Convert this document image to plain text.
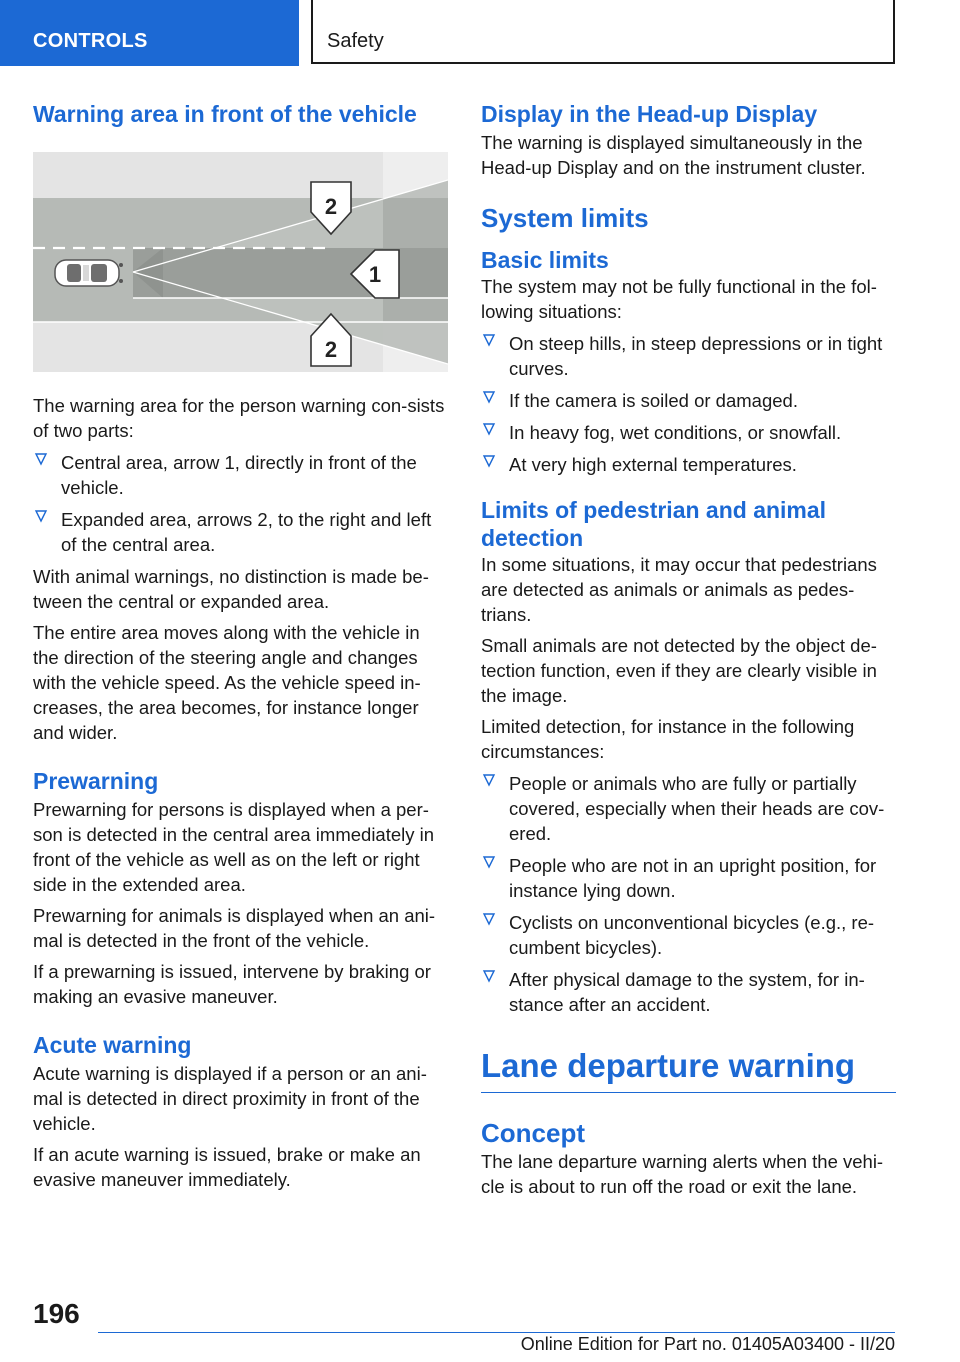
CONTROLS	Safety
Warning area in front of the vehicle
2
1
2

The warning area for the person warning con-sists of two parts:

Central area, arrow 1, directly in front of the vehicle.
Expanded area, arrows 2, to the right and left of the central area.

With animal warnings, no distinction is made be-tween the central or expanded area.

The entire area moves along with the vehicle in the direction of the steering angle and changes with the vehicle speed. As the vehicle speed in-creases, the area becomes, for instance longer and wider.

Prewarning

Prewarning for persons is displayed when a per-son is detected in the central area immediately in front of the vehicle as well as on the left or right side in the extended area.

Prewarning for animals is displayed when an ani-mal is detected in the front of the vehicle.

If a prewarning is issued, intervene by braking or making an evasive maneuver.

Acute warning

Acute warning is displayed if a person or an ani-mal is detected in direct proximity in front of the vehicle.

If an acute warning is issued, brake or make an evasive maneuver immediately.

Display in the Head-up Display

The warning is displayed simultaneously in the Head-up Display and on the instrument cluster.

System limits
Basic limits

The system may not be fully functional in the fol-lowing situations:

On steep hills, in steep depressions or in tight curves.
If the camera is soiled or damaged.
In heavy fog, wet conditions, or snowfall.
At very high external temperatures.
Limits of pedestrian and animal detection

In some situations, it may occur that pedestrians are detected as animals or animals as pedes-trians.

Small animals are not detected by the object de-tection function, even if they are clearly visible in the image.

Limited detection, for instance in the following circumstances:

People or animals who are fully or partially covered, especially when their heads are cov-ered.
People who are not in an upright position, for instance lying down.
Cyclists on unconventional bicycles (e.g., re-cumbent bicycles).
After physical damage to the system, for in-stance after an accident.
Lane departure warning
Concept

The lane departure warning alerts when the vehi-cle is about to run off the road or exit the lane.

196
Online Edition for Part no. 01405A03400 - II/20
